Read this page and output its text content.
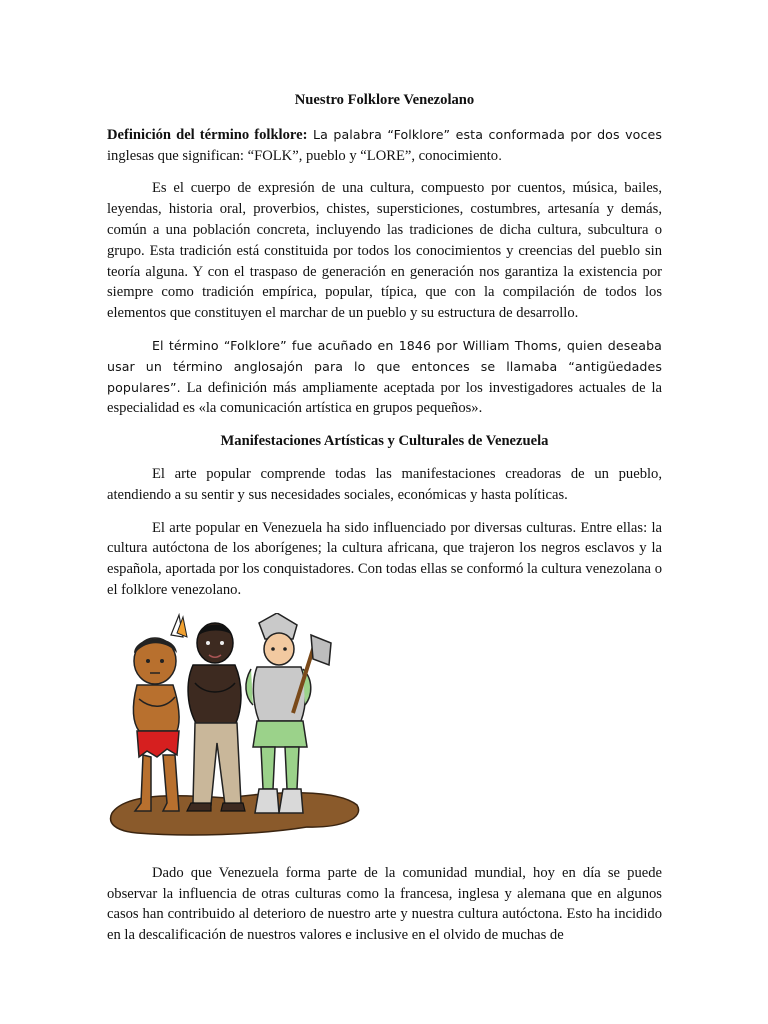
Nuestro Folklore Venezolano

Definición del término folklore: La palabra “Folklore” esta conformada por dos voces inglesas que significan: “FOLK”, pueblo y “LORE”, conocimiento.

Es el cuerpo de expresión de una cultura, compuesto por cuentos, música, bailes, leyendas, historia oral, proverbios, chistes, supersticiones, costumbres, artesanía y demás, común a una población concreta, incluyendo las tradiciones de dicha cultura, subcultura o grupo. Esta tradición está constituida por todos los conocimientos y creencias del pueblo sin teoría alguna. Y con el traspaso de generación en generación nos garantiza la existencia por siempre como tradición empírica, popular, típica, que con la compilación de todos los elementos que constituyen el marchar de un pueblo y su estructura de desarrollo.

El término “Folklore” fue acuñado en 1846 por William Thoms, quien deseaba usar un término anglosajón para lo que entonces se llamaba “antigüedades populares”. La definición más ampliamente aceptada por los investigadores actuales de la especialidad es «la comunicación artística en grupos pequeños».

Manifestaciones Artísticas y Culturales de Venezuela

El arte popular comprende todas las manifestaciones creadoras de un pueblo, atendiendo a su sentir y sus necesidades sociales, económicas y hasta políticas.

El arte popular en Venezuela ha sido influenciado por diversas culturas. Entre ellas: la cultura autóctona de los aborígenes; la cultura africana, que trajeron los negros esclavos y la española, aportada por los conquistadores. Con todas ellas se conformó la cultura venezolana o el folklore venezolano.

Dado que Venezuela forma parte de la comunidad mundial, hoy en día se puede observar la influencia de otras culturas como la francesa, inglesa y alemana que en algunos casos han contribuido al deterioro de nuestro arte y nuestra cultura autóctona. Esto ha incidido en la descalificación de nuestros valores e inclusive en el olvido de muchas de
